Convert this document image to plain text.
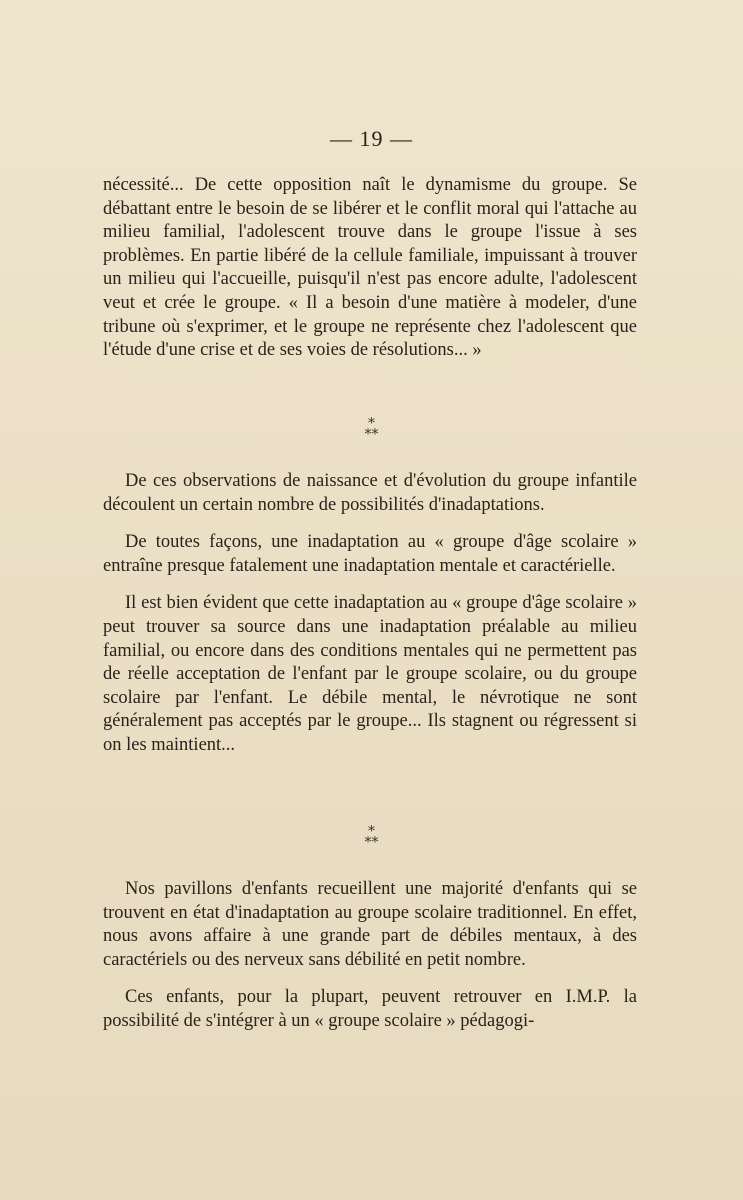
— 19 —

nécessité... De cette opposition naît le dynamisme du groupe. Se débattant entre le besoin de se libérer et le conflit moral qui l'attache au milieu familial, l'adolescent trouve dans le groupe l'issue à ses problèmes. En partie libéré de la cellule familiale, impuissant à trouver un milieu qui l'accueille, puisqu'il n'est pas encore adulte, l'adolescent veut et crée le groupe. « Il a besoin d'une matière à modeler, d'une tribune où s'exprimer, et le groupe ne représente chez l'adolescent que l'étude d'une crise et de ses voies de résolutions... »

⁎
⁎⁎

De ces observations de naissance et d'évolution du groupe infantile découlent un certain nombre de possibilités d'inadaptations.

De toutes façons, une inadaptation au « groupe d'âge scolaire » entraîne presque fatalement une inadaptation mentale et caractérielle.

Il est bien évident que cette inadaptation au « groupe d'âge scolaire » peut trouver sa source dans une inadaptation préalable au milieu familial, ou encore dans des conditions mentales qui ne permettent pas de réelle acceptation de l'enfant par le groupe scolaire, ou du groupe scolaire par l'enfant. Le débile mental, le névrotique ne sont généralement pas acceptés par le groupe... Ils stagnent ou régressent si on les maintient...

⁎
⁎⁎

Nos pavillons d'enfants recueillent une majorité d'enfants qui se trouvent en état d'inadaptation au groupe scolaire traditionnel. En effet, nous avons affaire à une grande part de débiles mentaux, à des caractériels ou des nerveux sans débilité en petit nombre.

Ces enfants, pour la plupart, peuvent retrouver en I.M.P. la possibilité de s'intégrer à un « groupe scolaire » pédagogi-
